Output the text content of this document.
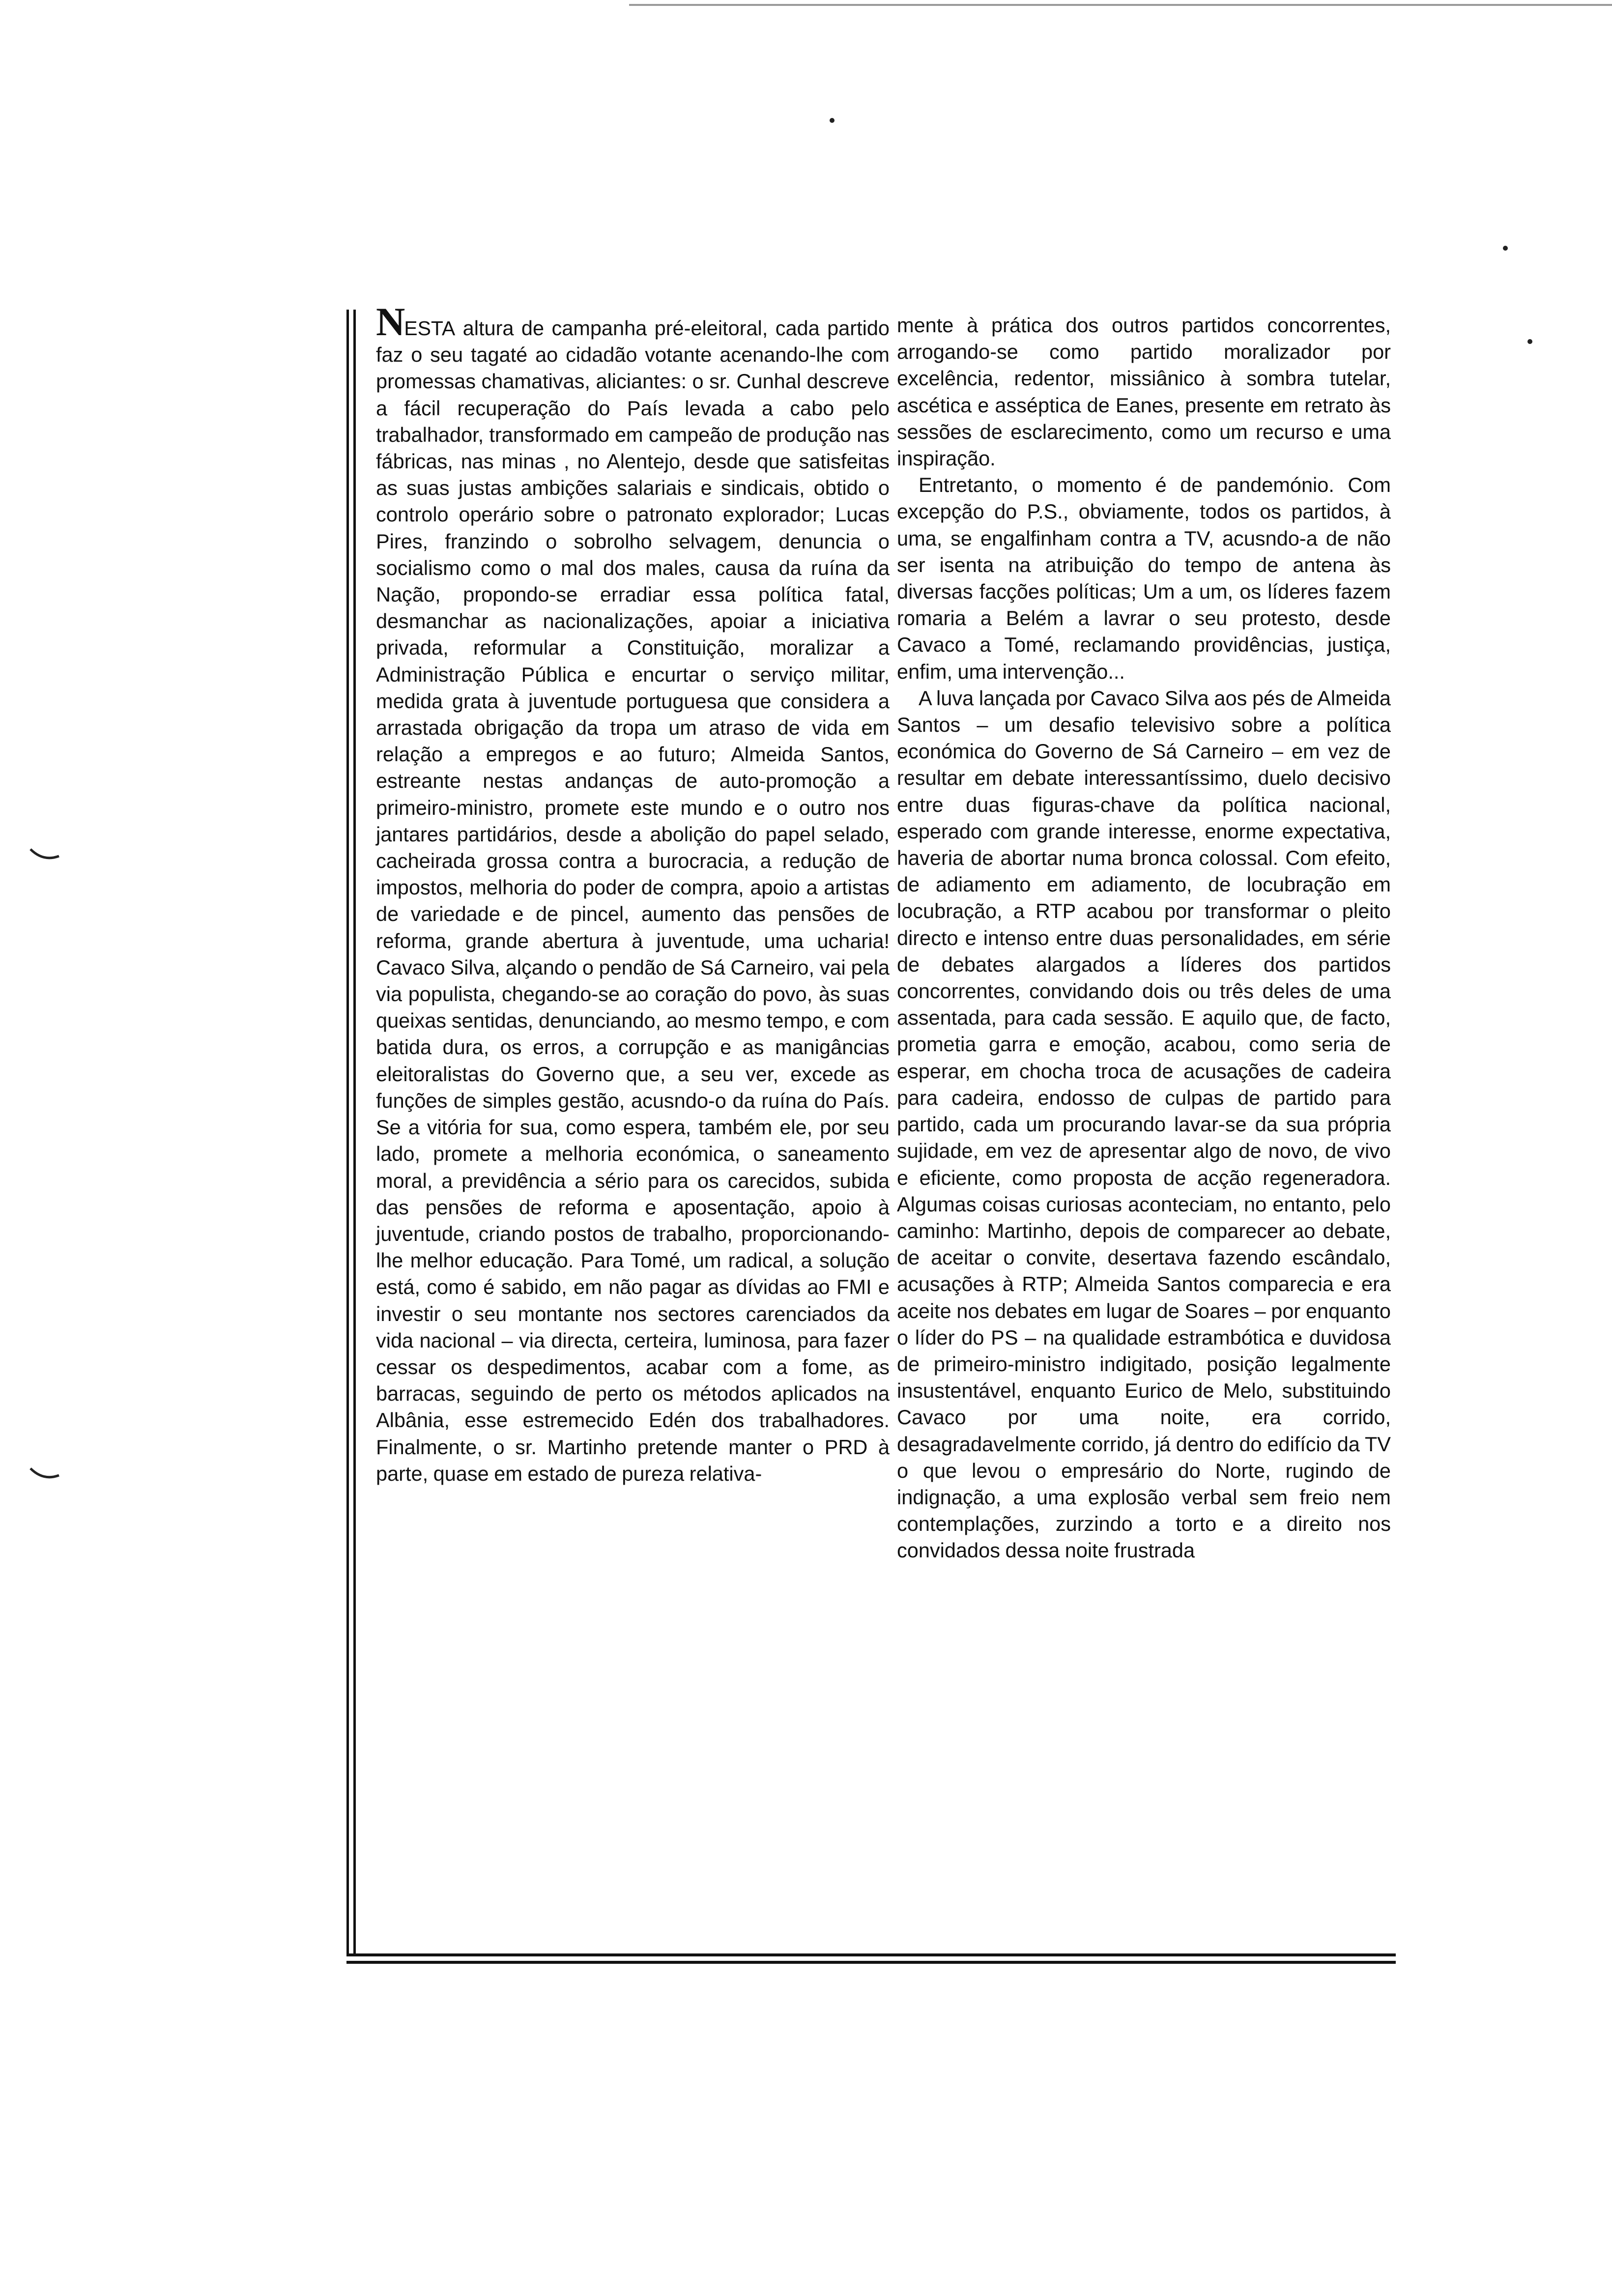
NESTA altura de campanha pré-eleitoral, cada partido faz o seu tagaté ao cidadão votante acenando-lhe com promessas chamativas, aliciantes: o sr. Cunhal descreve a fácil recuperação do País levada a cabo pelo trabalhador, transformado em campeão de produção nas fábricas, nas minas , no Alentejo, desde que satisfeitas as suas justas ambições salariais e sindicais, obtido o controlo operário sobre o patronato explorador; Lucas Pires, franzindo o sobrolho selvagem, denuncia o socialismo como o mal dos males, causa da ruína da Nação, propondo-se erradiar essa política fatal, desmanchar as nacionalizações, apoiar a iniciativa privada, reformular a Constituição, moralizar a Administração Pública e encurtar o serviço militar, medida grata à juventude portuguesa que considera a arrastada obrigação da tropa um atraso de vida em relação a empregos e ao futuro; Almeida Santos, estreante nestas andanças de auto-promoção a primeiro-ministro, promete este mundo e o outro nos jantares partidários, desde a abolição do papel selado, cacheirada grossa contra a burocracia, a redução de impostos, melhoria do poder de compra, apoio a artistas de variedade e de pincel, aumento das pensões de reforma, grande abertura à juventude, uma ucharia! Cavaco Silva, alçando o pendão de Sá Carneiro, vai pela via populista, chegando-se ao coração do povo, às suas queixas sentidas, denunciando, ao mesmo tempo, e com batida dura, os erros, a corrupção e as manigâncias eleitoralistas do Governo que, a seu ver, excede as funções de simples gestão, acusndo-o da ruína do País. Se a vitória for sua, como espera, também ele, por seu lado, promete a melhoria económica, o saneamento moral, a previdência a sério para os carecidos, subida das pensões de reforma e aposentação, apoio à juventude, criando postos de trabalho, proporcionando-lhe melhor educação. Para Tomé, um radical, a solução está, como é sabido, em não pagar as dívidas ao FMI e investir o seu montante nos sectores carenciados da vida nacional – via directa, certeira, luminosa, para fazer cessar os despedimentos, acabar com a fome, as barracas, seguindo de perto os métodos aplicados na Albânia, esse estremecido Edén dos trabalhadores. Finalmente, o sr. Martinho pretende manter o PRD à parte, quase em estado de pureza relativa-

mente à prática dos outros partidos concorrentes, arrogando-se como partido moralizador por excelência, redentor, missiânico à sombra tutelar, ascética e asséptica de Eanes, presente em retrato às sessões de esclarecimento, como um recurso e uma inspiração.

Entretanto, o momento é de pandemónio. Com excepção do P.S., obviamente, todos os partidos, à uma, se engalfinham contra a TV, acusndo-a de não ser isenta na atribuição do tempo de antena às diversas facções políticas; Um a um, os líderes fazem romaria a Belém a lavrar o seu protesto, desde Cavaco a Tomé, reclamando providências, justiça, enfim, uma intervenção...

A luva lançada por Cavaco Silva aos pés de Almeida Santos – um desafio televisivo sobre a política económica do Governo de Sá Carneiro – em vez de resultar em debate interessantíssimo, duelo decisivo entre duas figuras-chave da política nacional, esperado com grande interesse, enorme expectativa, haveria de abortar numa bronca colossal. Com efeito, de adiamento em adiamento, de locubração em locubração, a RTP acabou por transformar o pleito directo e intenso entre duas personalidades, em série de debates alargados a líderes dos partidos concorrentes, convidando dois ou três deles de uma assentada, para cada sessão. E aquilo que, de facto, prometia garra e emoção, acabou, como seria de esperar, em chocha troca de acusações de cadeira para cadeira, endosso de culpas de partido para partido, cada um procurando lavar-se da sua própria sujidade, em vez de apresentar algo de novo, de vivo e eficiente, como proposta de acção regeneradora. Algumas coisas curiosas aconteciam, no entanto, pelo caminho: Martinho, depois de comparecer ao debate, de aceitar o convite, desertava fazendo escândalo, acusações à RTP; Almeida Santos comparecia e era aceite nos debates em lugar de Soares – por enquanto o líder do PS – na qualidade estrambótica e duvidosa de primeiro-ministro indigitado, posição legalmente insustentável, enquanto Eurico de Melo, substituindo Cavaco por uma noite, era corrido, desagradavelmente corrido, já dentro do edifício da TV o que levou o empresário do Norte, rugindo de indignação, a uma explosão verbal sem freio nem contemplações, zurzindo a torto e a direito nos convidados dessa noite frustrada
